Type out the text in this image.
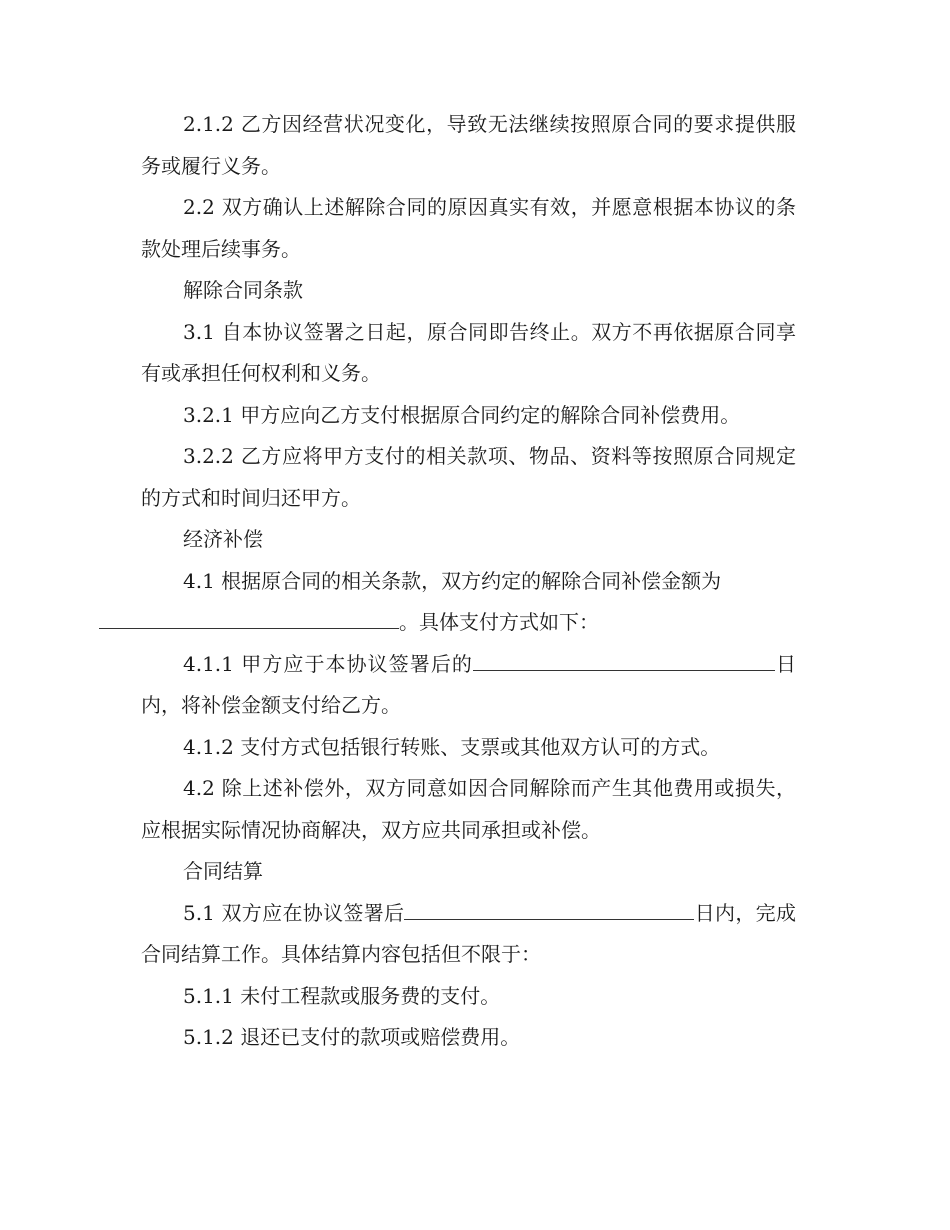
2.1.2 乙方因经营状况变化，导致无法继续按照原合同的要求提供服务或履行义务。

2.2 双方确认上述解除合同的原因真实有效，并愿意根据本协议的条款处理后续事务。

解除合同条款

3.1 自本协议签署之日起，原合同即告终止。双方不再依据原合同享有或承担任何权利和义务。

3.2.1 甲方应向乙方支付根据原合同约定的解除合同补偿费用。

3.2.2 乙方应将甲方支付的相关款项、物品、资料等按照原合同规定的方式和时间归还甲方。

经济补偿

4.1 根据原合同的相关条款，双方约定的解除合同补偿金额为
。具体支付方式如下：

4.1.1 甲方应于本协议签署后的	日内，将补偿金额支付给乙方。

4.1.2 支付方式包括银行转账、支票或其他双方认可的方式。

4.2 除上述补偿外，双方同意如因合同解除而产生其他费用或损失，应根据实际情况协商解决，双方应共同承担或补偿。

合同结算

5.1 双方应在协议签署后	日内，完成合同结算工作。具体结算内容包括但不限于：

5.1.1 未付工程款或服务费的支付。

5.1.2 退还已支付的款项或赔偿费用。
